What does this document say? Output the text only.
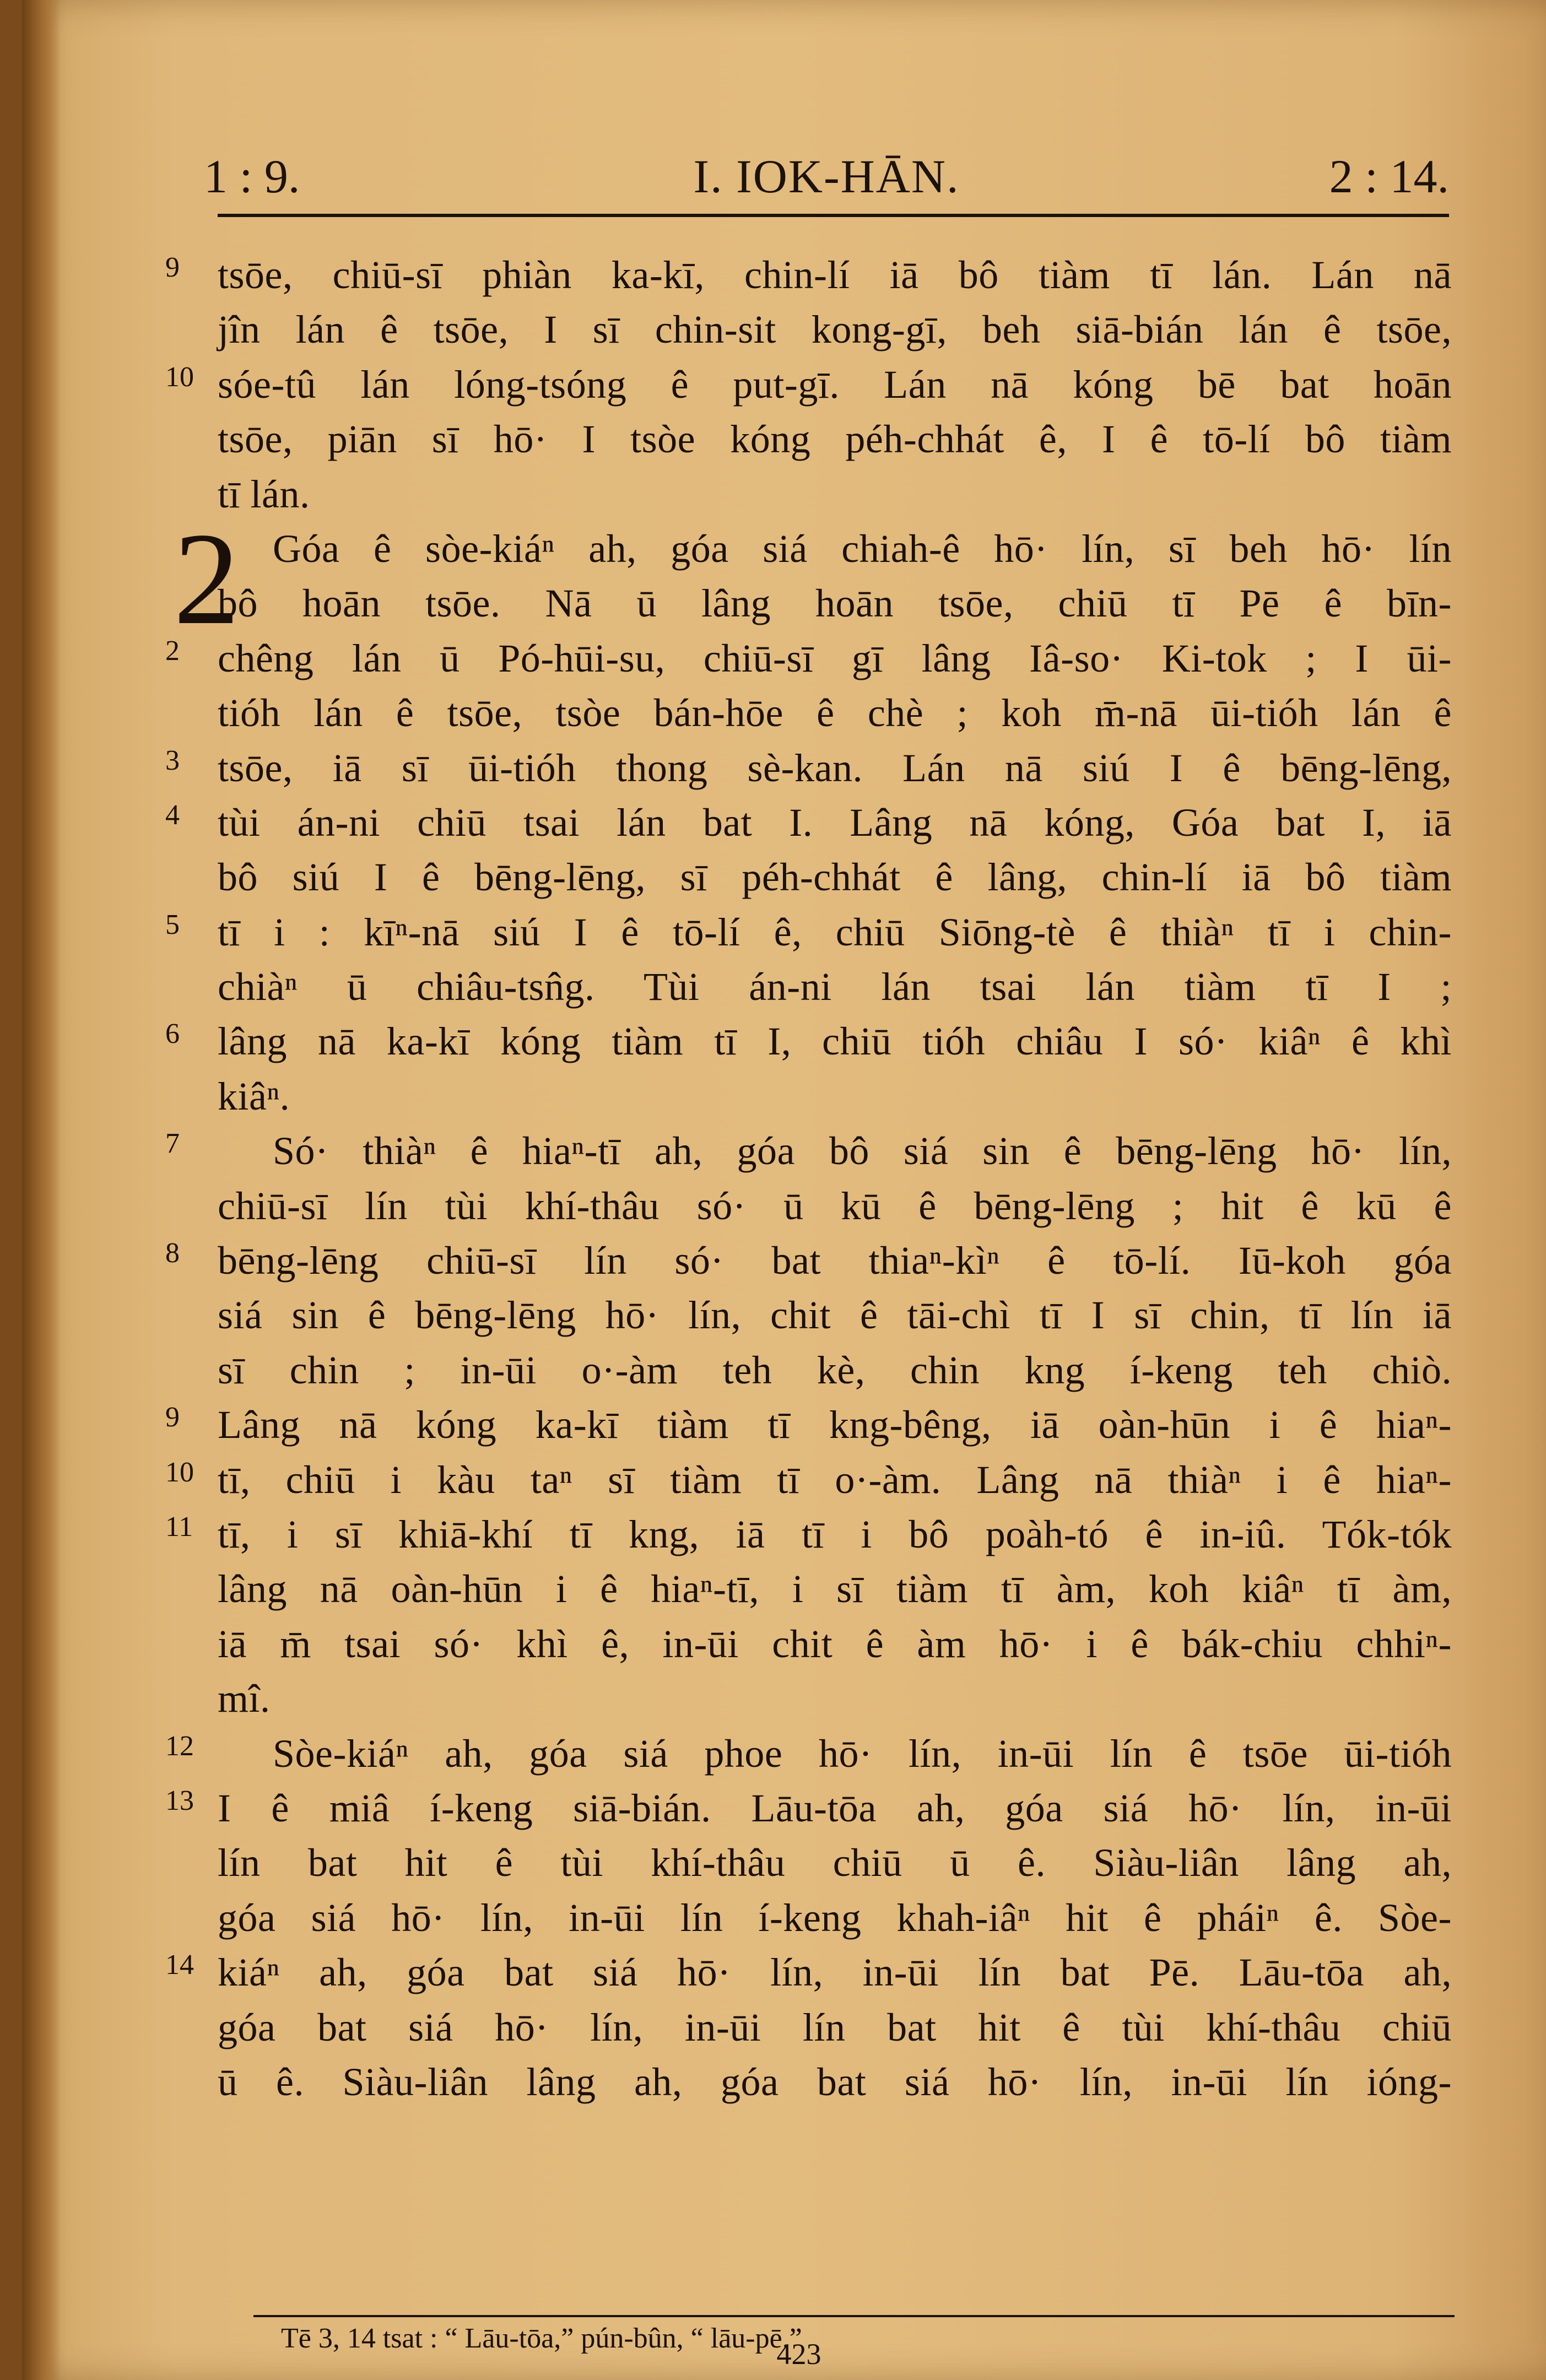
1 : 9.	I. IOK-HĀN.	2 : 14.
2
9 tsōe, chiū-sī phiàn ka-kī, chin-lí iā bô tiàm tī lán. Lán nā
jîn lán ê tsōe, I sī chin-sit kong-gī, beh siā-bián lán ê tsōe,
10 sóe-tû lán lóng-tsóng ê put-gī. Lán nā kóng bē bat hoān
tsōe, piān sī hō· I tsòe kóng péh-chhát ê, I ê tō-lí bô tiàm
tī lán.
Góa ê sòe-kiáⁿ ah, góa siá chiah-ê hō· lín, sī beh hō· lín
bô hoān tsōe. Nā ū lâng hoān tsōe, chiū tī Pē ê bīn-
2 chêng lán ū Pó-hūi-su, chiū-sī gī lâng Iâ-so· Ki-tok ; I ūi-
tióh lán ê tsōe, tsòe bán-hōe ê chè ; koh m̄-nā ūi-tióh lán ê
3 tsōe, iā sī ūi-tióh thong sè-kan. Lán nā siú I ê bēng-lēng,
4 tùi án-ni chiū tsai lán bat I. Lâng nā kóng, Góa bat I, iā
bô siú I ê bēng-lēng, sī péh-chhát ê lâng, chin-lí iā bô tiàm
5 tī i : kīⁿ-nā siú I ê tō-lí ê, chiū Siōng-tè ê thiàⁿ tī i chin-
chiàⁿ ū chiâu-tsn̂g. Tùi án-ni lán tsai lán tiàm tī I ;
6 lâng nā ka-kī kóng tiàm tī I, chiū tióh chiâu I só· kiâⁿ ê khì
kiâⁿ.
7 Só· thiàⁿ ê hiaⁿ-tī ah, góa bô siá sin ê bēng-lēng hō· lín,
chiū-sī lín tùi khí-thâu só· ū kū ê bēng-lēng ; hit ê kū ê
8 bēng-lēng chiū-sī lín só· bat thiaⁿ-kìⁿ ê tō-lí. Iū-koh góa
siá sin ê bēng-lēng hō· lín, chit ê tāi-chì tī I sī chin, tī lín iā
sī chin ; in-ūi o·-àm teh kè, chin kng í-keng teh chiò.
9 Lâng nā kóng ka-kī tiàm tī kng-bêng, iā oàn-hūn i ê hiaⁿ-
10 tī, chiū i kàu taⁿ sī tiàm tī o·-àm. Lâng nā thiàⁿ i ê hiaⁿ-
11 tī, i sī khiā-khí tī kng, iā tī i bô poàh-tó ê in-iû. Tók-tók
lâng nā oàn-hūn i ê hiaⁿ-tī, i sī tiàm tī àm, koh kiâⁿ tī àm,
iā m̄ tsai só· khì ê, in-ūi chit ê àm hō· i ê bák-chiu chhiⁿ-
mî.
12 Sòe-kiáⁿ ah, góa siá phoe hō· lín, in-ūi lín ê tsōe ūi-tióh
13 I ê miâ í-keng siā-bián. Lāu-tōa ah, góa siá hō· lín, in-ūi
lín bat hit ê tùi khí-thâu chiū ū ê. Siàu-liân lâng ah,
góa siá hō· lín, in-ūi lín í-keng khah-iâⁿ hit ê pháiⁿ ê. Sòe-
14 kiáⁿ ah, góa bat siá hō· lín, in-ūi lín bat Pē. Lāu-tōa ah,
góa bat siá hō· lín, in-ūi lín bat hit ê tùi khí-thâu chiū
ū ê. Siàu-liân lâng ah, góa bat siá hō· lín, in-ūi lín ióng-
Tē 3, 14 tsat : “ Lāu-tōa,” pún-bûn, “ lāu-pē.”
423
